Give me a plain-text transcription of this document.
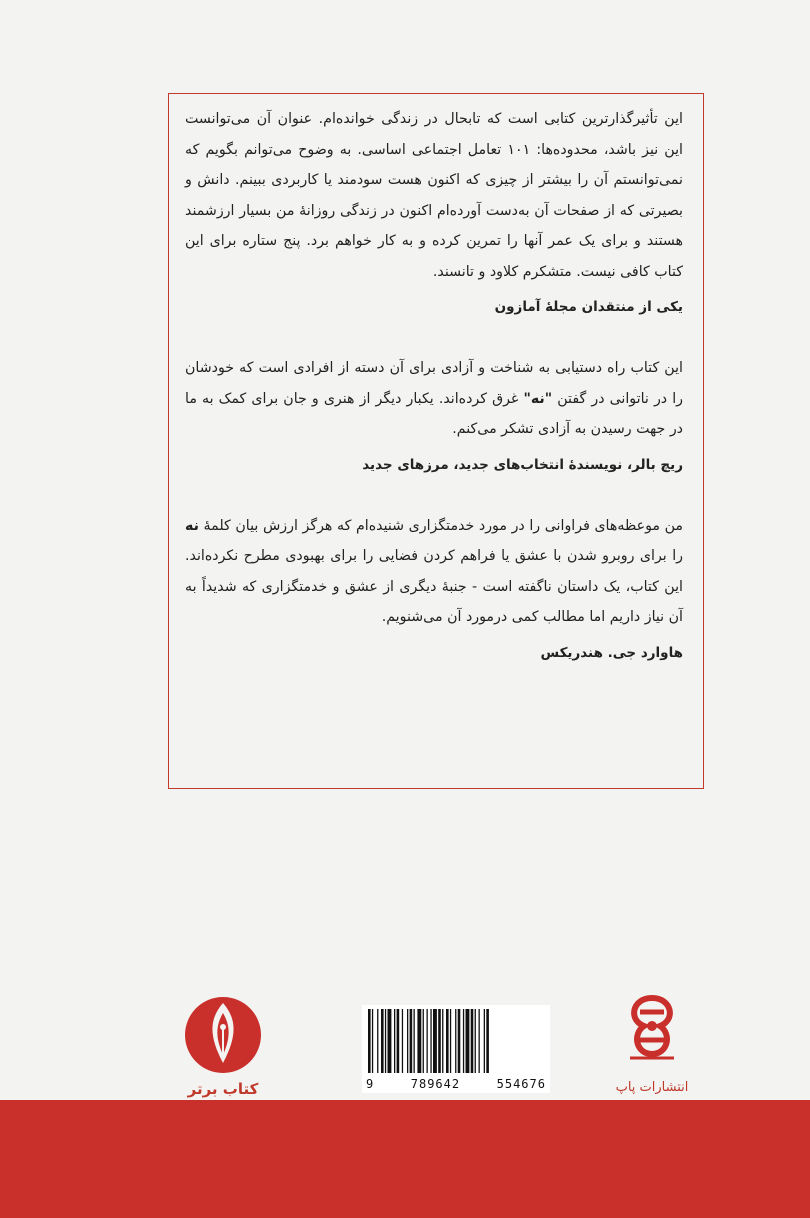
این تأثیرگذارترین کتابی است که تابحال در زندگی خوانده‌ام. عنوان آن می‌توانست این نیز باشد، محدوده‌ها: ۱۰۱ تعامل اجتماعی اساسی. به وضوح می‌توانم بگویم که نمی‌توانستم آن را بیشتر از چیزی که اکنون هست سودمند یا کاربردی ببینم. دانش و بصیرتی که از صفحات آن به‌دست آورده‌ام اکنون در زندگی روزانهٔ من بسیار ارزشمند هستند و برای یک عمر آنها را تمرین کرده و به کار خواهم برد. پنج ستاره برای این کتاب کافی نیست. متشکرم کلاود و تانسند.

یکی از منتقدان مجلهٔ آمازون

این کتاب راه دستیابی به شناخت و آزادی برای آن دسته از افرادی است که خودشان را در ناتوانی در گفتن "نه" غرق کرده‌اند. یکبار دیگر از هنری و جان برای کمک به ما در جهت رسیدن به آزادی تشکر می‌کنم.

ریچ بالر، نویسندهٔ انتخاب‌های جدید، مرزهای جدید

من موعظه‌های فراوانی را در مورد خدمتگزاری شنیده‌ام که هرگز ارزش بیان کلمهٔ نه را برای روبرو شدن با عشق یا فراهم کردن فضایی را برای بهبودی مطرح نکرده‌اند. این کتاب، یک داستان ناگفته است - جنبهٔ دیگری از عشق و خدمتگزاری که شدیداً به آن نیاز داریم اما مطالب کمی درمورد آن می‌شنویم.

هاوارد جی. هندریکس

کتاب برتر	9	789642	554676	انتشارات پاپ
